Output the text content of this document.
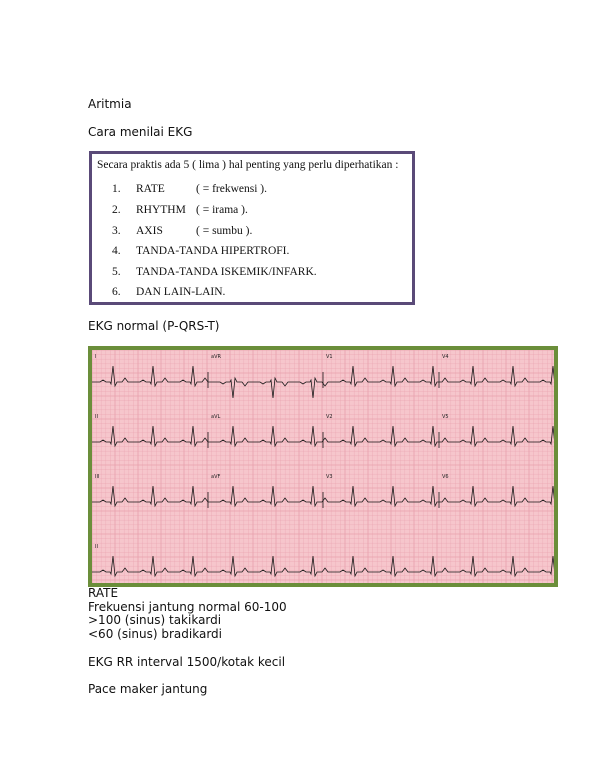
Aritmia
Cara menilai EKG
Secara praktis ada 5 ( lima ) hal penting yang perlu diperhatikan :
1. RATE	( = frekwensi ).
2. RHYTHM ( = irama ).
3. AXIS	( = sumbu ).
4. TANDA-TANDA HIPERTROFI.
5. TANDA-TANDA ISKEMIK/INFARK.
6. DAN LAIN-LAIN.
EKG normal (P-QRS-T)
I	aVR	V1	V4
II	aVL	V2	V5
III	aVF	V3	V6
II
RATE
Frekuensi jantung normal 60-100
>100 (sinus) takikardi
<60 (sinus) bradikardi
EKG RR interval 1500/kotak kecil
Pace maker jantung
